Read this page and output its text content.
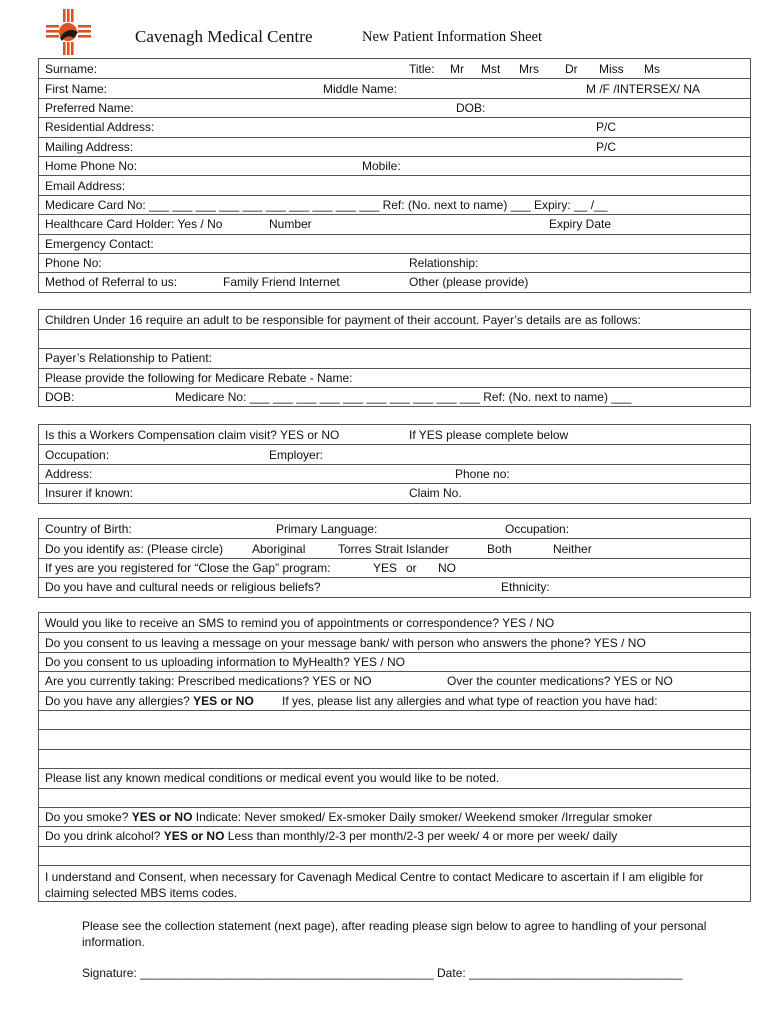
Cavenagh Medical Centre	New Patient Information Sheet
Surname:	Title: Mr Mst Mrs Dr Miss Ms
First Name:	Middle Name:	M /F /INTERSEX/ NA
Preferred Name:	DOB:
Residential Address:	P/C
Mailing Address:	P/C
Home Phone No:	Mobile:
Email Address:
Medicare Card No: ___ ___ ___ ___ ___ ___ ___ ___ ___ ___ Ref: (No. next to name) ___ Expiry: __ /__
Healthcare Card Holder: Yes / No	Number	Expiry Date
Emergency Contact:
Phone No:	Relationship:
Method of Referral to us:	Family Friend Internet	Other (please provide)
Children Under 16 require an adult to be responsible for payment of their account. Payer’s details are as follows:
Payer’s Relationship to Patient:
Please provide the following for Medicare Rebate - Name:
DOB:	Medicare No: ___ ___ ___ ___ ___ ___ ___ ___ ___ ___ Ref: (No. next to name) ___
Is this a Workers Compensation claim visit? YES or NO	If YES please complete below
Occupation:	Employer:
Address:	Phone no:
Insurer if known:	Claim No.
Country of Birth:	Primary Language:	Occupation:
Do you identify as: (Please circle) Aboriginal	Torres Strait Islander	Both	Neither
If yes are you registered for “Close the Gap” program:	YES or NO
Do you have and cultural needs or religious beliefs?	Ethnicity:
Would you like to receive an SMS to remind you of appointments or correspondence? YES / NO
Do you consent to us leaving a message on your message bank/ with person who answers the phone? YES / NO
Do you consent to us uploading information to MyHealth? YES / NO
Are you currently taking: Prescribed medications? YES or NO	Over the counter medications? YES or NO
Do you have any allergies? YES or NO If yes, please list any allergies and what type of reaction you have had:
Please list any known medical conditions or medical event you would like to be noted.
Do you smoke? YES or NO Indicate: Never smoked/ Ex-smoker Daily smoker/ Weekend smoker /Irregular smoker
Do you drink alcohol? YES or NO Less than monthly/2-3 per month/2-3 per week/ 4 or more per week/ daily
I understand and Consent, when necessary for Cavenagh Medical Centre to contact Medicare to ascertain if I am eligible for claiming selected MBS items codes.
Please see the collection statement (next page), after reading please sign below to agree to handling of your personal information.
Signature: ____________________________________________ Date: ________________________________
